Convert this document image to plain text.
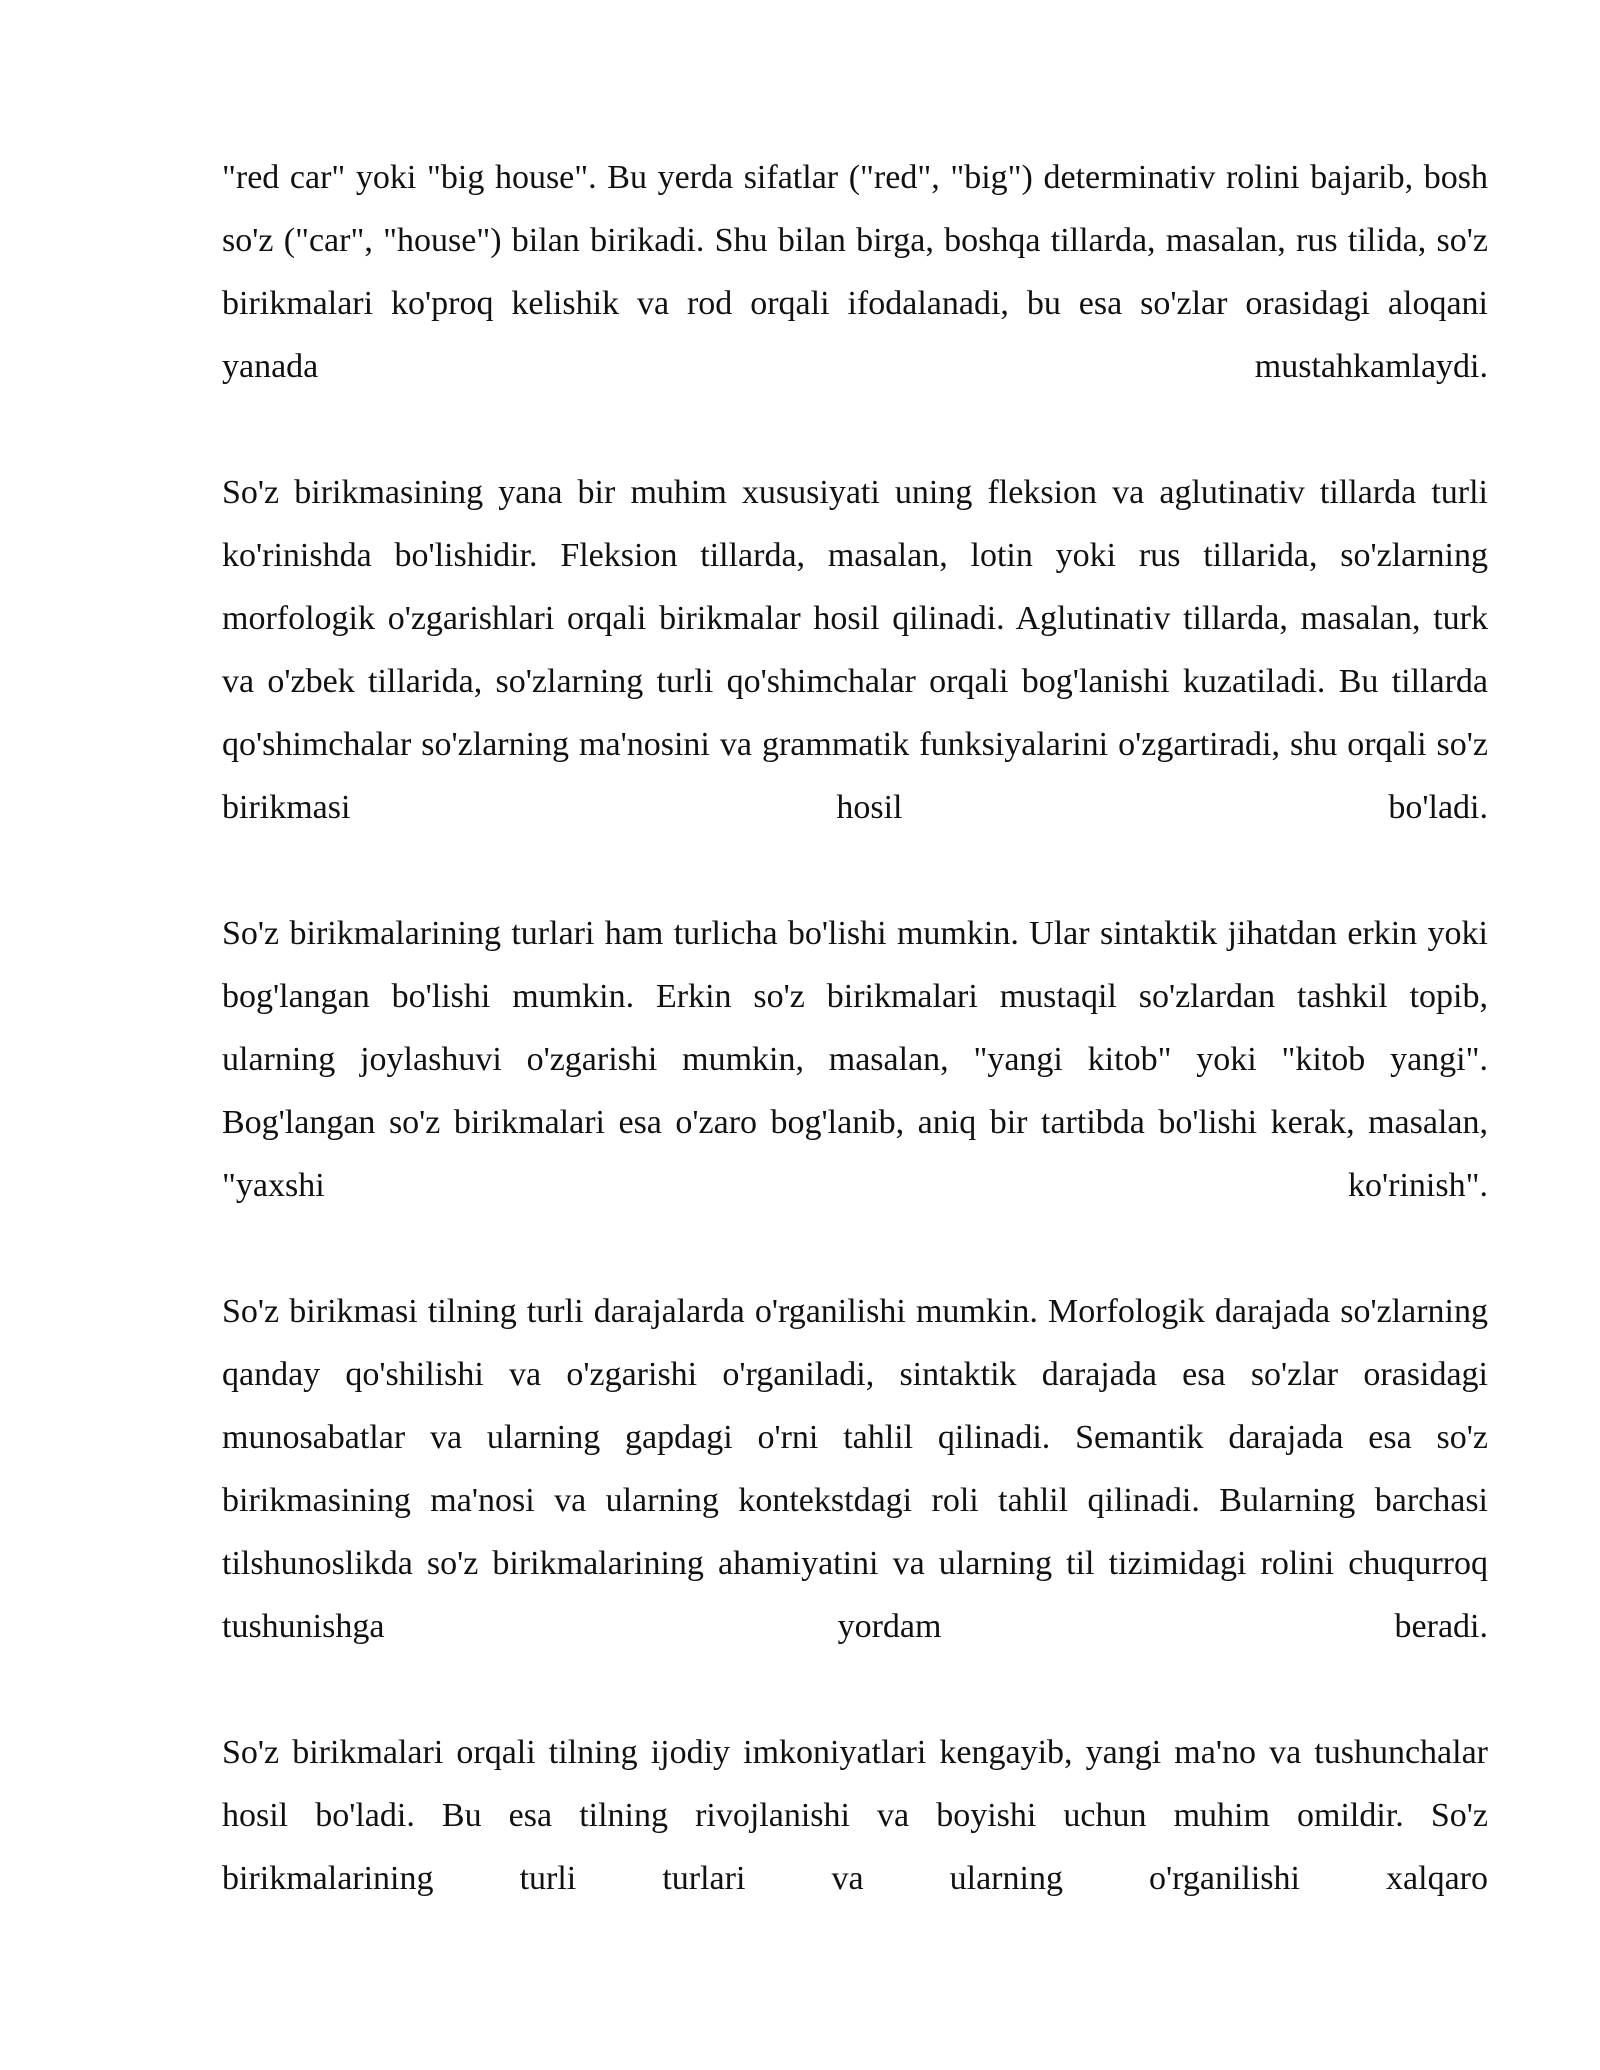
"red car" yoki "big house". Bu yerda sifatlar ("red", "big") determinativ rolini bajarib, bosh so'z ("car", "house") bilan birikadi. Shu bilan birga, boshqa tillarda, masalan, rus tilida, so'z birikmalari ko'proq kelishik va rod orqali ifodalanadi, bu esa so'zlar orasidagi aloqani yanada mustahkamlaydi.

So'z birikmasining yana bir muhim xususiyati uning fleksion va aglutinativ tillarda turli ko'rinishda bo'lishidir. Fleksion tillarda, masalan, lotin yoki rus tillarida, so'zlarning morfologik o'zgarishlari orqali birikmalar hosil qilinadi. Aglutinativ tillarda, masalan, turk va o'zbek tillarida, so'zlarning turli qo'shimchalar orqali bog'lanishi kuzatiladi. Bu tillarda qo'shimchalar so'zlarning ma'nosini va grammatik funksiyalarini o'zgartiradi, shu orqali so'z birikmasi hosil bo'ladi.

So'z birikmalarining turlari ham turlicha bo'lishi mumkin. Ular sintaktik jihatdan erkin yoki bog'langan bo'lishi mumkin. Erkin so'z birikmalari mustaqil so'zlardan tashkil topib, ularning joylashuvi o'zgarishi mumkin, masalan, "yangi kitob" yoki "kitob yangi". Bog'langan so'z birikmalari esa o'zaro bog'lanib, aniq bir tartibda bo'lishi kerak, masalan, "yaxshi ko'rinish".

So'z birikmasi tilning turli darajalarda o'rganilishi mumkin. Morfologik darajada so'zlarning qanday qo'shilishi va o'zgarishi o'rganiladi, sintaktik darajada esa so'zlar orasidagi munosabatlar va ularning gapdagi o'rni tahlil qilinadi. Semantik darajada esa so'z birikmasining ma'nosi va ularning kontekstdagi roli tahlil qilinadi. Bularning barchasi tilshunoslikda so'z birikmalarining ahamiyatini va ularning til tizimidagi rolini chuqurroq tushunishga yordam beradi.

So'z birikmalari orqali tilning ijodiy imkoniyatlari kengayib, yangi ma'no va tushunchalar hosil bo'ladi. Bu esa tilning rivojlanishi va boyishi uchun muhim omildir. So'z birikmalarining turli turlari va ularning o'rganilishi xalqaro
